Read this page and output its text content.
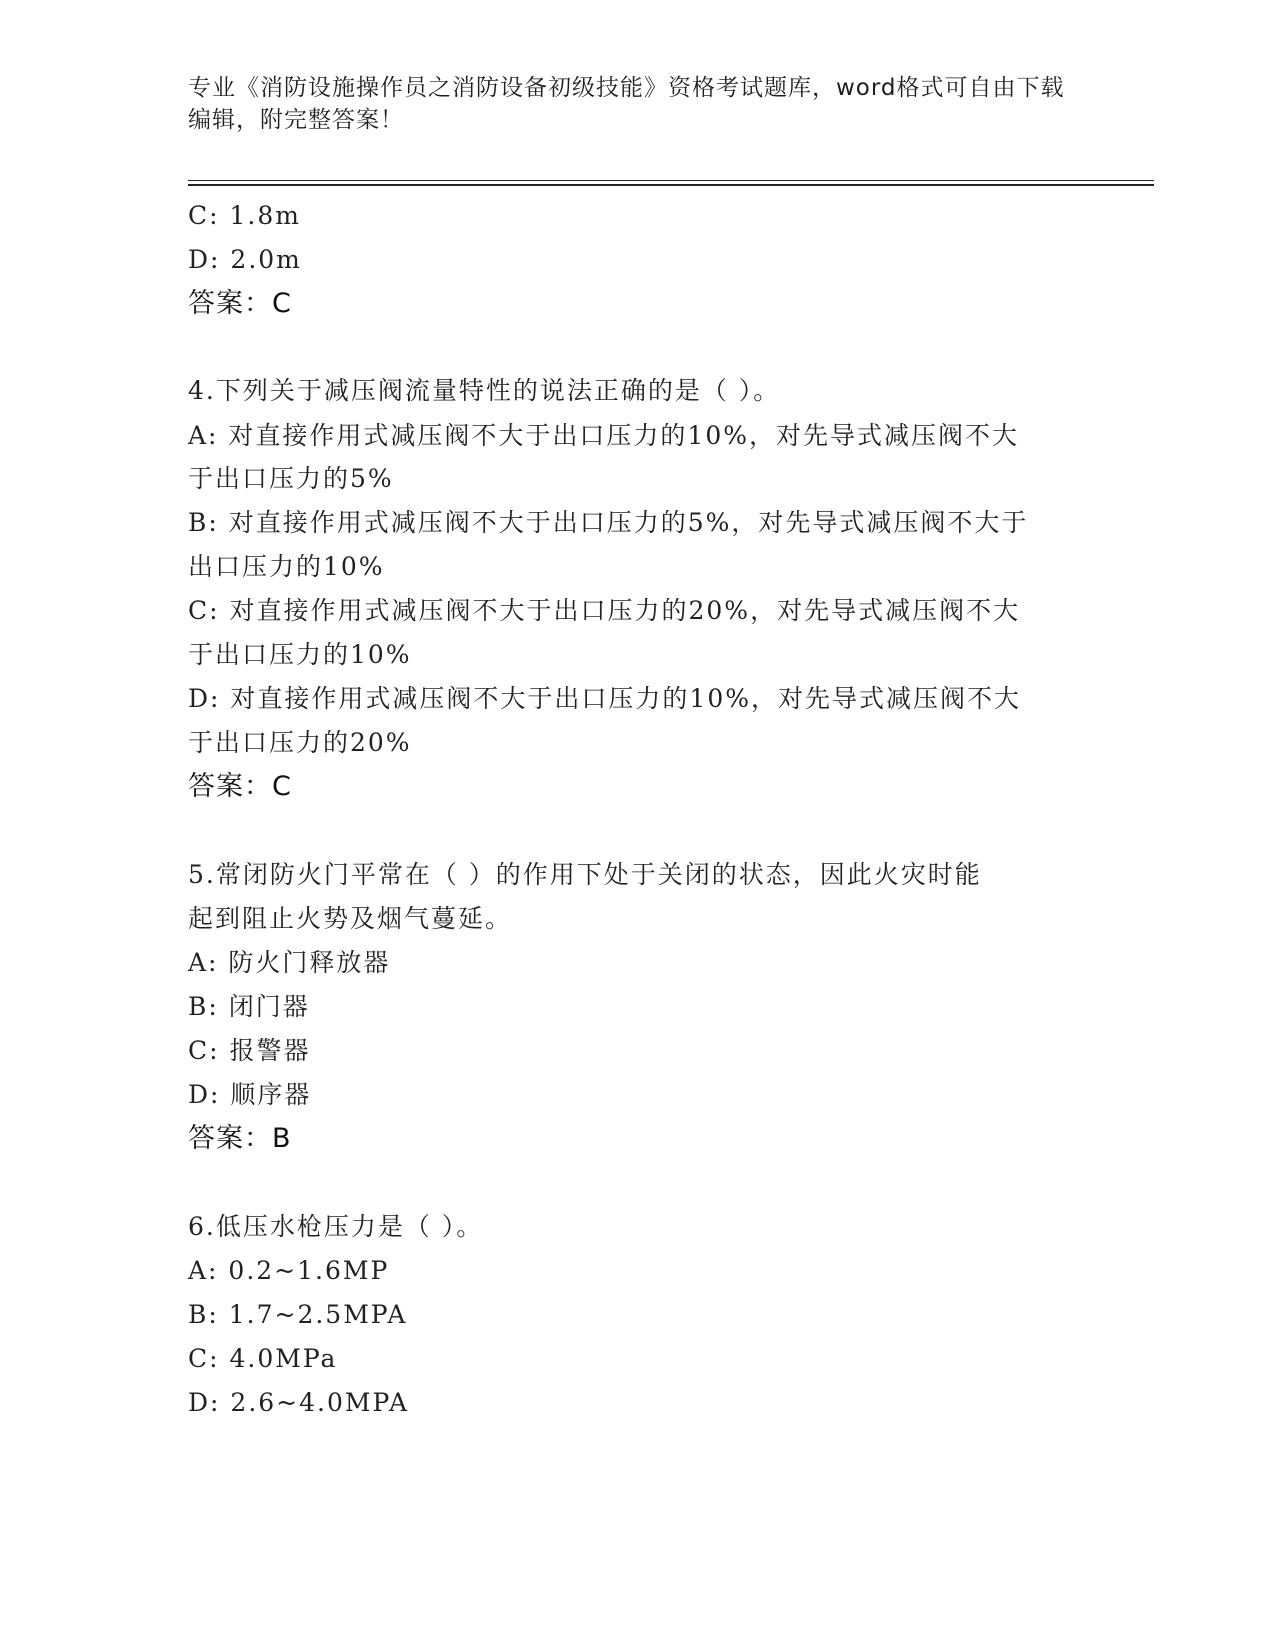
专业《消防设施操作员之消防设备初级技能》资格考试题库，word格式可自由下载编辑，附完整答案！
C: 1.8m
D: 2.0m
答案：C
4.下列关于减压阀流量特性的说法正确的是（ ）。
A: 对直接作用式减压阀不大于出口压力的10%，对先导式减压阀不大
于出口压力的5%
B: 对直接作用式减压阀不大于出口压力的5%，对先导式减压阀不大于
出口压力的10%
C: 对直接作用式减压阀不大于出口压力的20%，对先导式减压阀不大
于出口压力的10%
D: 对直接作用式减压阀不大于出口压力的10%，对先导式减压阀不大
于出口压力的20%
答案：C
5.常闭防火门平常在（ ）的作用下处于关闭的状态，因此火灾时能
起到阻止火势及烟气蔓延。
A: 防火门释放器
B: 闭门器
C: 报警器
D: 顺序器
答案：B
6.低压水枪压力是（ ）。
A: 0.2~1.6MP
B: 1.7~2.5MPA
C: 4.0MPa
D: 2.6~4.0MPA
